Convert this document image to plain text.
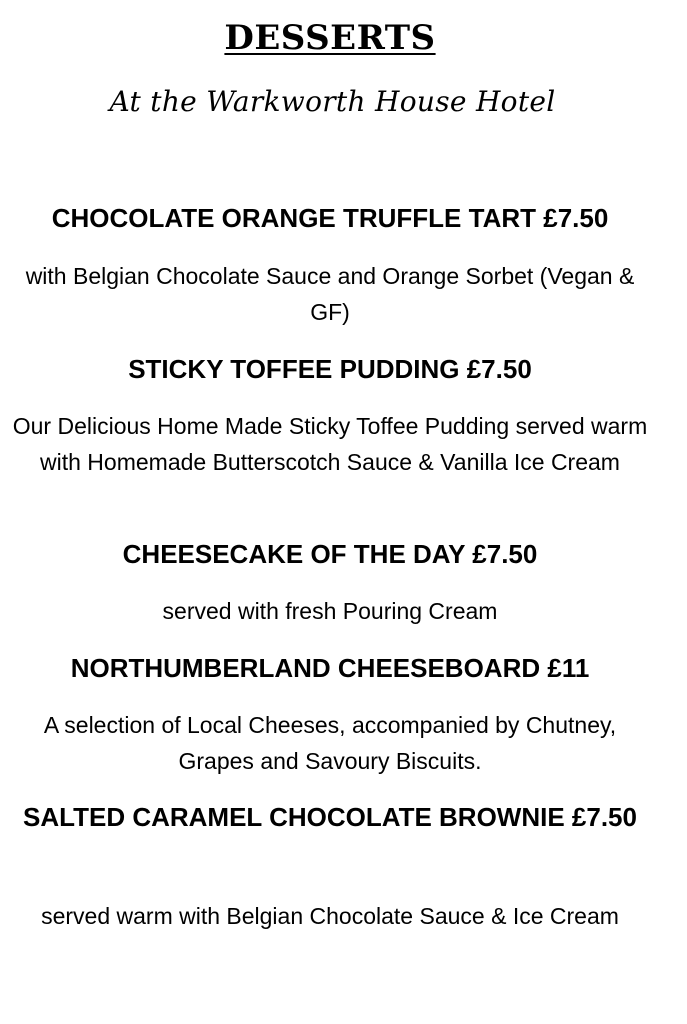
DESSERTS

At the Warkworth House Hotel

CHOCOLATE ORANGE TRUFFLE TART £7.50

with Belgian Chocolate Sauce and Orange Sorbet (Vegan & GF)

STICKY TOFFEE PUDDING £7.50

Our Delicious Home Made Sticky Toffee Pudding served warm with Homemade Butterscotch Sauce & Vanilla Ice Cream

CHEESECAKE OF THE DAY £7.50

served with fresh Pouring Cream

NORTHUMBERLAND CHEESEBOARD £11

A selection of Local Cheeses, accompanied by Chutney, Grapes and Savoury Biscuits.

SALTED CARAMEL CHOCOLATE BROWNIE £7.50

served warm with Belgian Chocolate Sauce & Ice Cream
